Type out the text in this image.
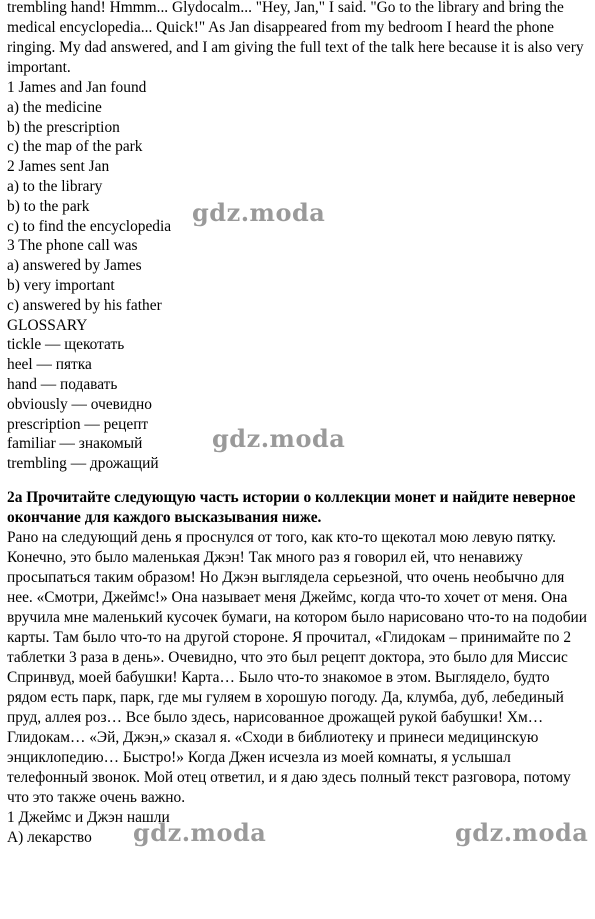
trembling hand! Hmmm... Glydocalm... "Hey, Jan," I said. "Go to the library and bring the medical encyclopedia... Quick!" As Jan disappeared from my bedroom I heard the phone ringing. My dad answered, and I am giving the full text of the talk here because it is also very important.

1 James and Jan found

a) the medicine

b) the prescription

c) the map of the park

2 James sent Jan

a) to the library

b) to the park

c) to find the encyclopedia

3 The phone call was

a) answered by James

b) very important

c) answered by his father

GLOSSARY

tickle — щекотать

heel — пятка

hand — подавать

obviously — очевидно

prescription — рецепт

familiar — знакомый

trembling — дрожащий

2a Прочитайте следующую часть истории о коллекции монет и найдите неверное окончание для каждого высказывания ниже.

Рано на следующий день я проснулся от того, как кто-то щекотал мою левую пятку. Конечно, это было маленькая Джэн! Так много раз я говорил ей, что ненавижу просыпаться таким образом! Но Джэн выглядела серьезной, что очень необычно для нее. «Смотри, Джеймс!» Она называет меня Джеймс, когда что-то хочет от меня. Она вручила мне маленький кусочек бумаги, на котором было нарисовано что-то на подобии карты. Там было что-то на другой стороне. Я прочитал, «Глидокам – принимайте по 2 таблетки 3 раза в день». Очевидно, что это был рецепт доктора, это было для Миссис Спринвуд, моей бабушки! Карта… Было что-то знакомое в этом. Выглядело, будто рядом есть парк, парк, где мы гуляем в хорошую погоду. Да, клумба, дуб, лебединый пруд, аллея роз… Все было здесь, нарисованное дрожащей рукой бабушки! Хм… Глидокам… «Эй, Джэн,» сказал я. «Сходи в библиотеку и принеси медицинскую энциклопедию… Быстро!» Когда Джен исчезла из моей комнаты, я услышал телефонный звонок. Мой отец ответил, и я даю здесь полный текст разговора, потому что это также очень важно.

1 Джеймс и Джэн нашли

А) лекарство

gdz.moda
gdz.moda
gdz.moda	gdz.moda
